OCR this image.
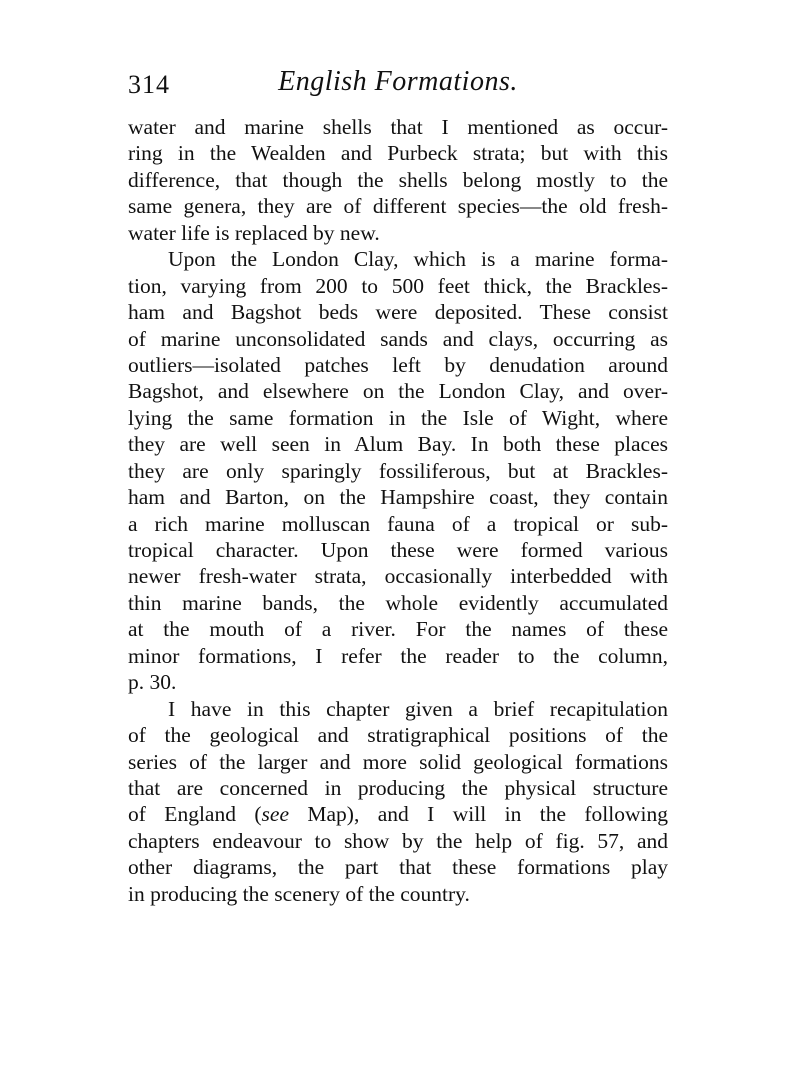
314	English Formations.
water and marine shells that I mentioned as occur-
ring in the Wealden and Purbeck strata; but with this
difference, that though the shells belong mostly to the
same genera, they are of different species—the old fresh-
water life is replaced by new.
Upon the London Clay, which is a marine forma-
tion, varying from 200 to 500 feet thick, the Brackles-
ham and Bagshot beds were deposited. These consist
of marine unconsolidated sands and clays, occurring as
outliers—isolated patches left by denudation around
Bagshot, and elsewhere on the London Clay, and over-
lying the same formation in the Isle of Wight, where
they are well seen in Alum Bay. In both these places
they are only sparingly fossiliferous, but at Brackles-
ham and Barton, on the Hampshire coast, they contain
a rich marine molluscan fauna of a tropical or sub-
tropical character. Upon these were formed various
newer fresh-water strata, occasionally interbedded with
thin marine bands, the whole evidently accumulated
at the mouth of a river. For the names of these
minor formations, I refer the reader to the column,
p. 30.
I have in this chapter given a brief recapitulation
of the geological and stratigraphical positions of the
series of the larger and more solid geological formations
that are concerned in producing the physical structure
of England (see Map), and I will in the following
chapters endeavour to show by the help of fig. 57, and
other diagrams, the part that these formations play
in producing the scenery of the country.
